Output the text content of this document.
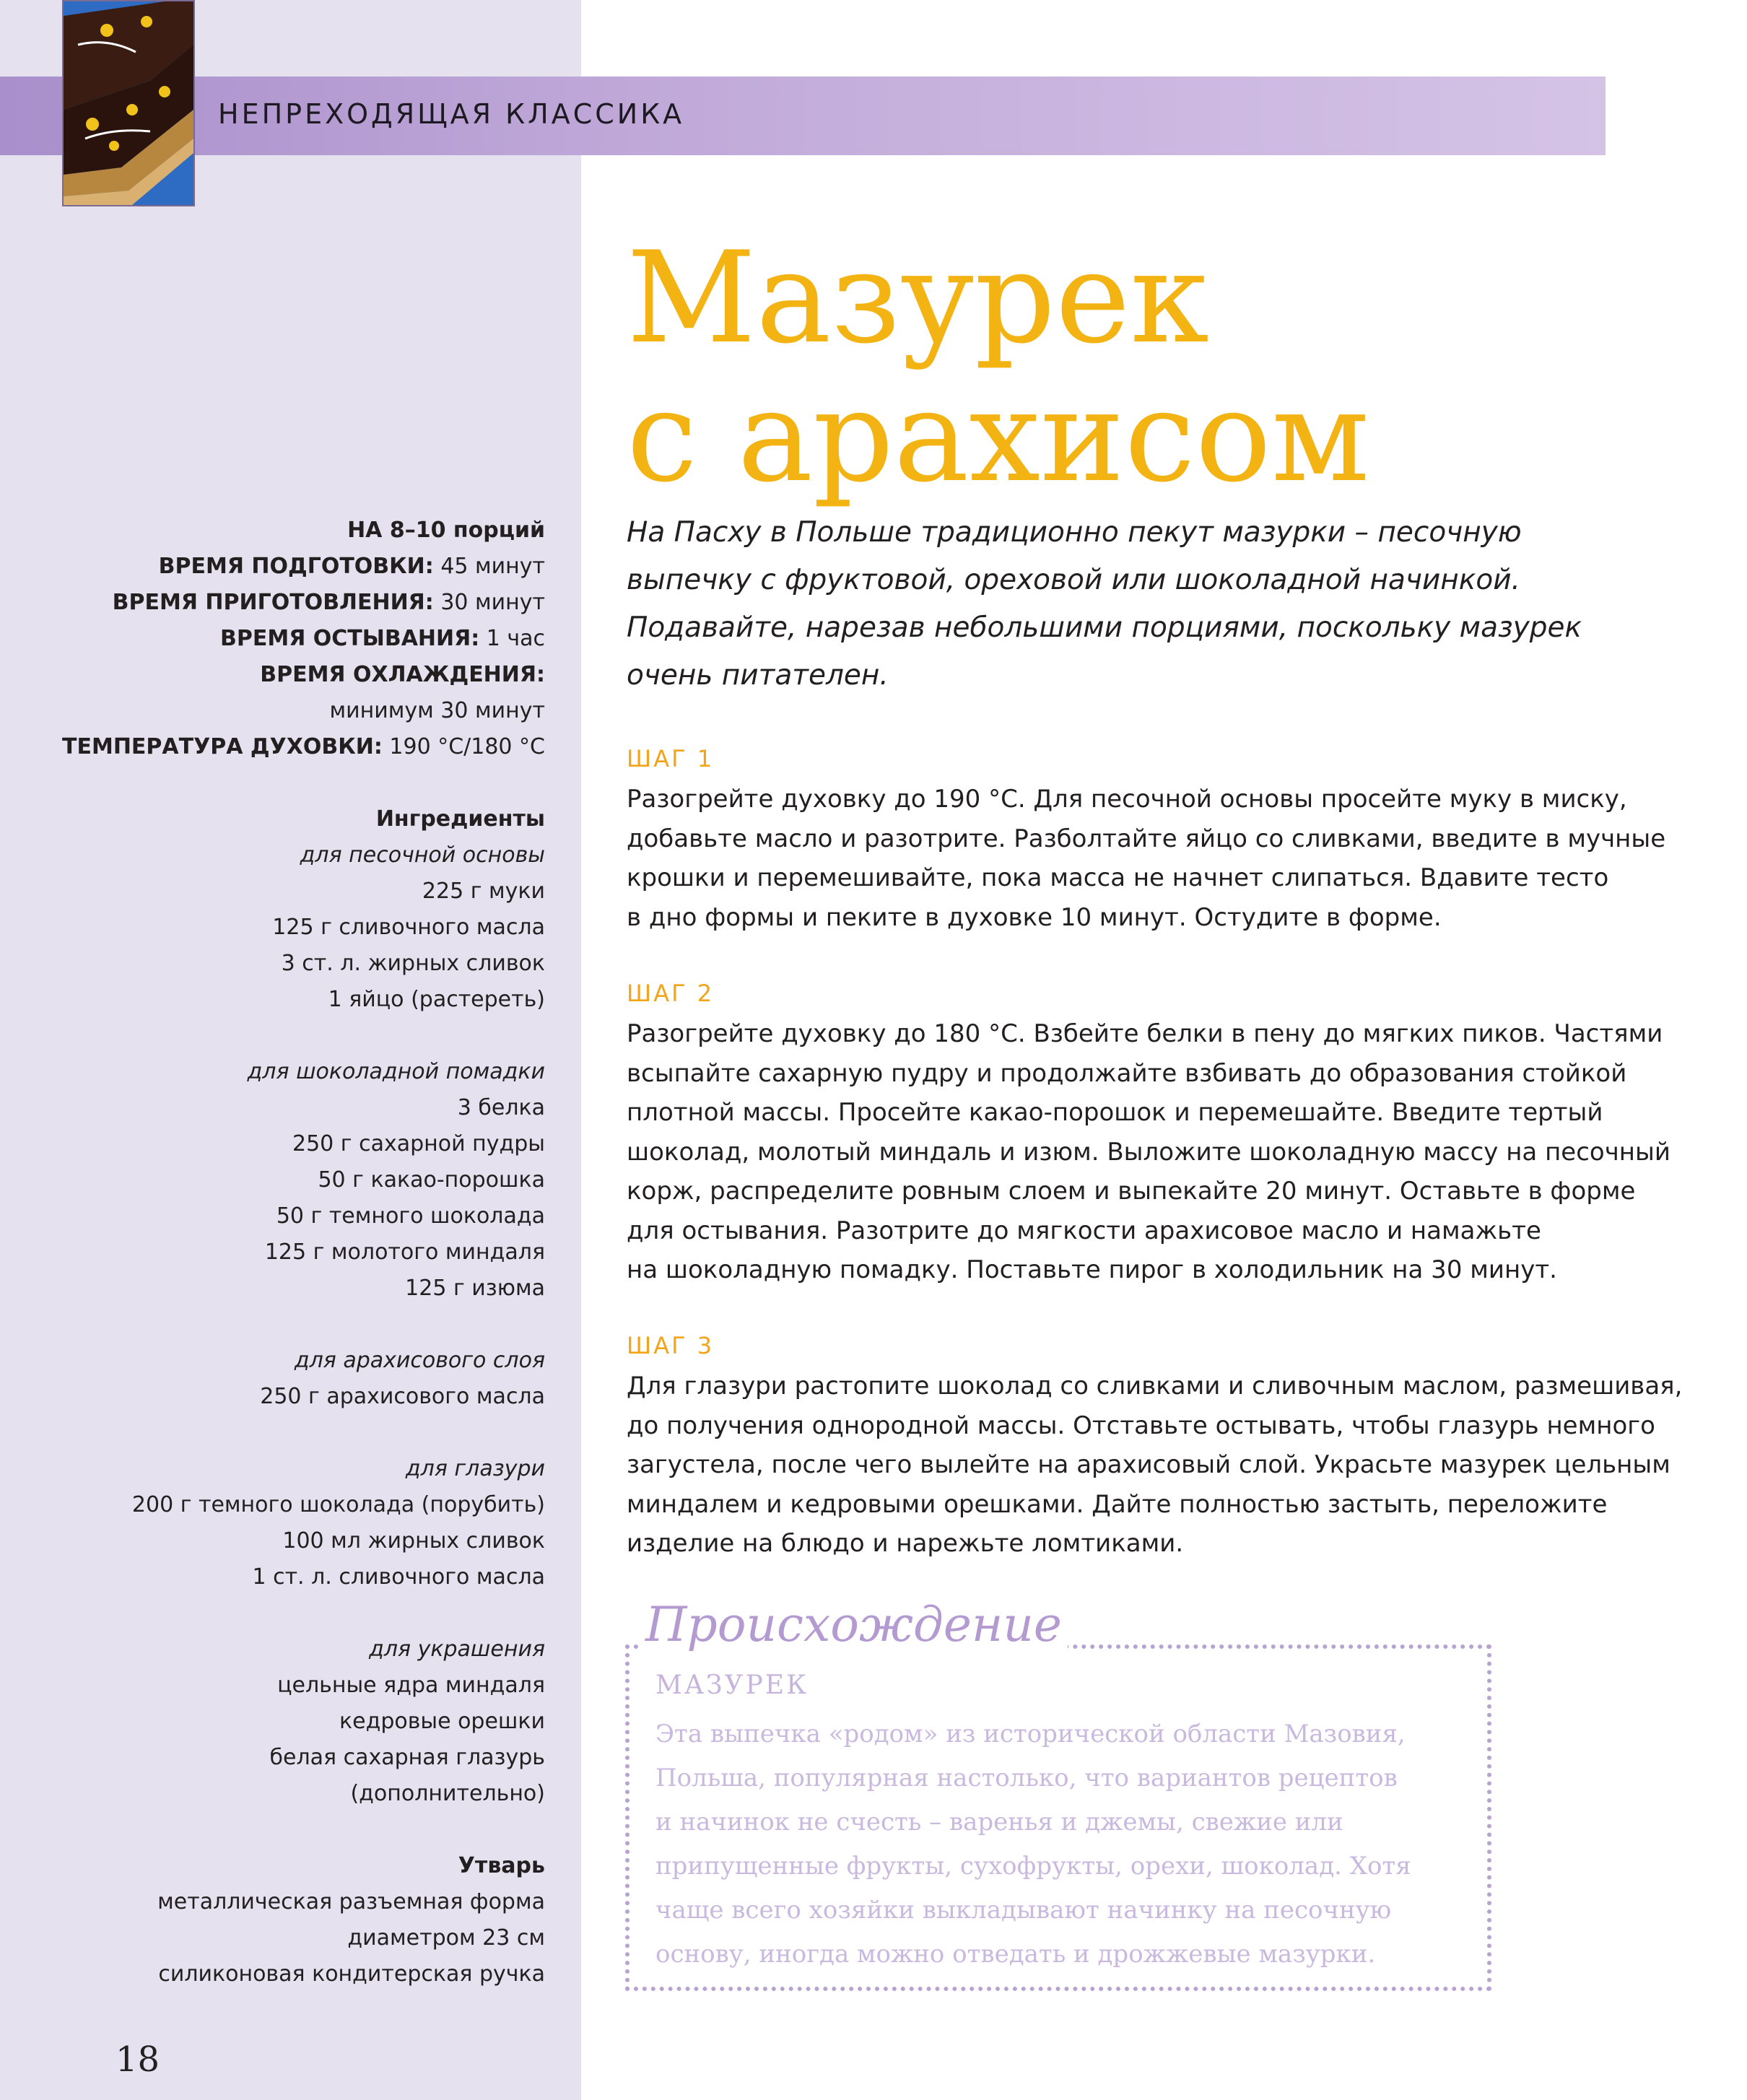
НЕПРЕХОДЯЩАЯ КЛАССИКА
Мазурек
с арахисом
На Пасху в Польше традиционно пекут мазурки – песочную
выпечку с фруктовой, ореховой или шоколадной начинкой.
Подавайте, нарезав небольшими порциями, поскольку мазурек
очень питателен.
ШАГ 1
Разогрейте духовку до 190 °С. Для песочной основы просейте муку в миску,
добавьте масло и разотрите. Разболтайте яйцо со сливками, введите в мучные
крошки и перемешивайте, пока масса не начнет слипаться. Вдавите тесто
в дно формы и пеките в духовке 10 минут. Остудите в форме.
ШАГ 2
Разогрейте духовку до 180 °С. Взбейте белки в пену до мягких пиков. Частями
всыпайте сахарную пудру и продолжайте взбивать до образования стойкой
плотной массы. Просейте какао-порошок и перемешайте. Введите тертый
шоколад, молотый миндаль и изюм. Выложите шоколадную массу на песочный
корж, распределите ровным слоем и выпекайте 20 минут. Оставьте в форме
для остывания. Разотрите до мягкости арахисовое масло и намажьте
на шоколадную помадку. Поставьте пирог в холодильник на 30 минут.
ШАГ 3
Для глазури растопите шоколад со сливками и сливочным маслом, размешивая,
до получения однородной массы. Отставьте остывать, чтобы глазурь немного
загустела, после чего вылейте на арахисовый слой. Украсьте мазурек цельным
миндалем и кедровыми орешками. Дайте полностью застыть, переложите
изделие на блюдо и нарежьте ломтиками.
НА 8–10 порций
ВРЕМЯ ПОДГОТОВКИ: 45 минут
ВРЕМЯ ПРИГОТОВЛЕНИЯ: 30 минут
ВРЕМЯ ОСТЫВАНИЯ: 1 час
ВРЕМЯ ОХЛАЖДЕНИЯ:
минимум 30 минут
ТЕМПЕРАТУРА ДУХОВКИ: 190 °С/180 °С
Ингредиенты
для песочной основы
225 г муки
125 г сливочного масла
3 ст. л. жирных сливок
1 яйцо (растереть)
для шоколадной помадки
3 белка
250 г сахарной пудры
50 г какао-порошка
50 г темного шоколада
125 г молотого миндаля
125 г изюма
для арахисового слоя
250 г арахисового масла
для глазури
200 г темного шоколада (порубить)
100 мл жирных сливок
1 ст. л. сливочного масла
для украшения
цельные ядра миндаля
кедровые орешки
белая сахарная глазурь
(дополнительно)
Утварь
металлическая разъемная форма
диаметром 23 см
силиконовая кондитерская ручка
Происхождение
МАЗУРЕК
Эта выпечка «родом» из исторической области Мазовия,
Польша, популярная настолько, что вариантов рецептов
и начинок не счесть – варенья и джемы, свежие или
припущенные фрукты, сухофрукты, орехи, шоколад. Хотя
чаще всего хозяйки выкладывают начинку на песочную
основу, иногда можно отведать и дрожжевые мазурки.
18
